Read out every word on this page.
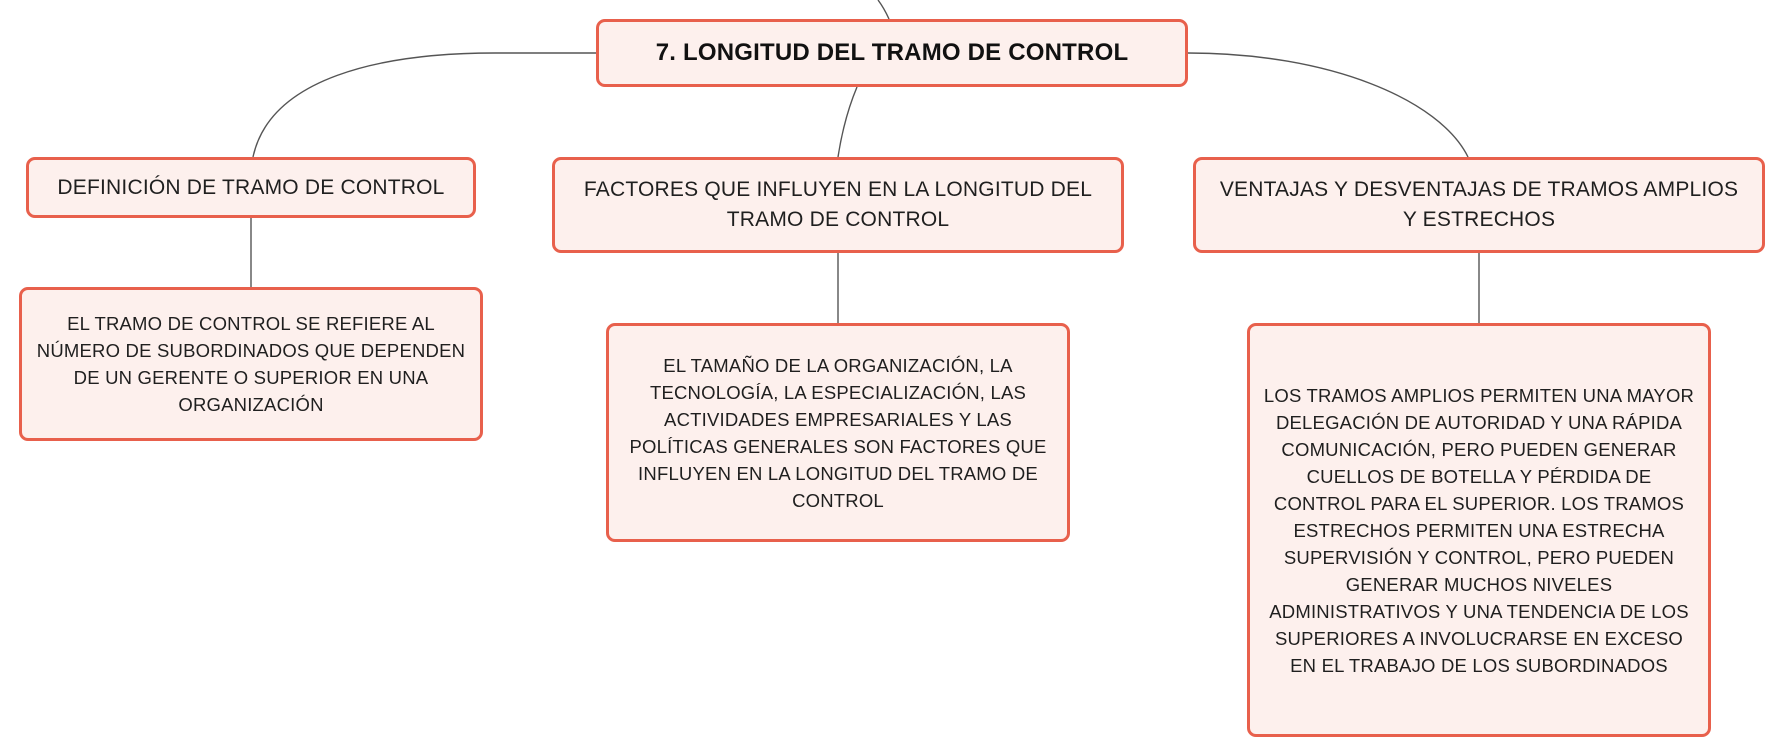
7. LONGITUD DEL TRAMO DE CONTROL
DEFINICIÓN DE TRAMO DE CONTROL	FACTORES QUE INFLUYEN EN LA LONGITUD DEL TRAMO DE CONTROL
VENTAJAS Y DESVENTAJAS DE TRAMOS AMPLIOS Y ESTRECHOS
EL TRAMO DE CONTROL SE REFIERE AL NÚMERO DE SUBORDINADOS QUE DEPENDEN DE UN GERENTE O SUPERIOR EN UNA ORGANIZACIÓN
EL TAMAÑO DE LA ORGANIZACIÓN, LA TECNOLOGÍA, LA ESPECIALIZACIÓN, LAS ACTIVIDADES EMPRESARIALES Y LAS POLÍTICAS GENERALES SON FACTORES QUE INFLUYEN EN LA LONGITUD DEL TRAMO DE CONTROL
LOS TRAMOS AMPLIOS PERMITEN UNA MAYOR DELEGACIÓN DE AUTORIDAD Y UNA RÁPIDA COMUNICACIÓN, PERO PUEDEN GENERAR CUELLOS DE BOTELLA Y PÉRDIDA DE CONTROL PARA EL SUPERIOR. LOS TRAMOS ESTRECHOS PERMITEN UNA ESTRECHA SUPERVISIÓN Y CONTROL, PERO PUEDEN GENERAR MUCHOS NIVELES ADMINISTRATIVOS Y UNA TENDENCIA DE LOS SUPERIORES A INVOLUCRARSE EN EXCESO EN EL TRABAJO DE LOS SUBORDINADOS
